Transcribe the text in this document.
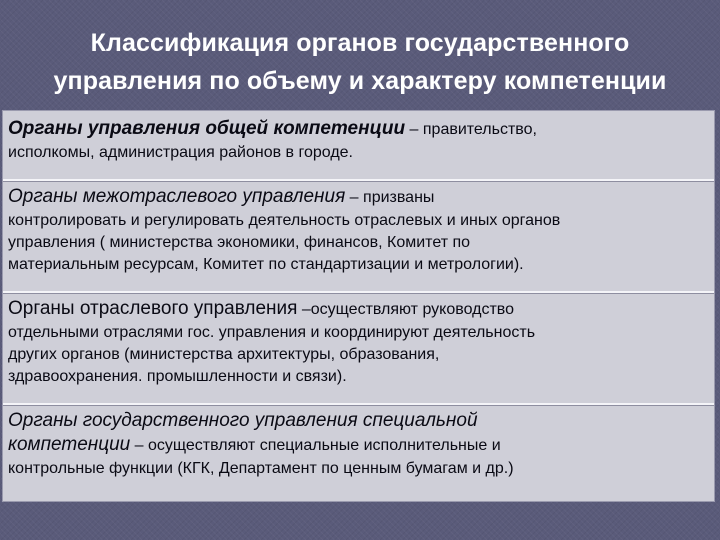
Классификация органов государственного
управления по объему и характеру компетенции
Органы управления общей компетенции – правительство,
исполкомы, администрация районов в городе.
Органы межотраслевого управления – призваны
контролировать и регулировать деятельность отраслевых и иных органов
управления ( министерства экономики, финансов, Комитет по
материальным ресурсам, Комитет по стандартизации и метрологии).
Органы отраслевого управления –осуществляют руководство
отдельными отраслями гос. управления и координируют деятельность
других органов (министерства архитектуры, образования,
здравоохранения. промышленности и связи).
Органы государственного управления специальной
компетенции – осуществляют специальные исполнительные и
контрольные функции (КГК, Департамент по ценным бумагам и др.)
